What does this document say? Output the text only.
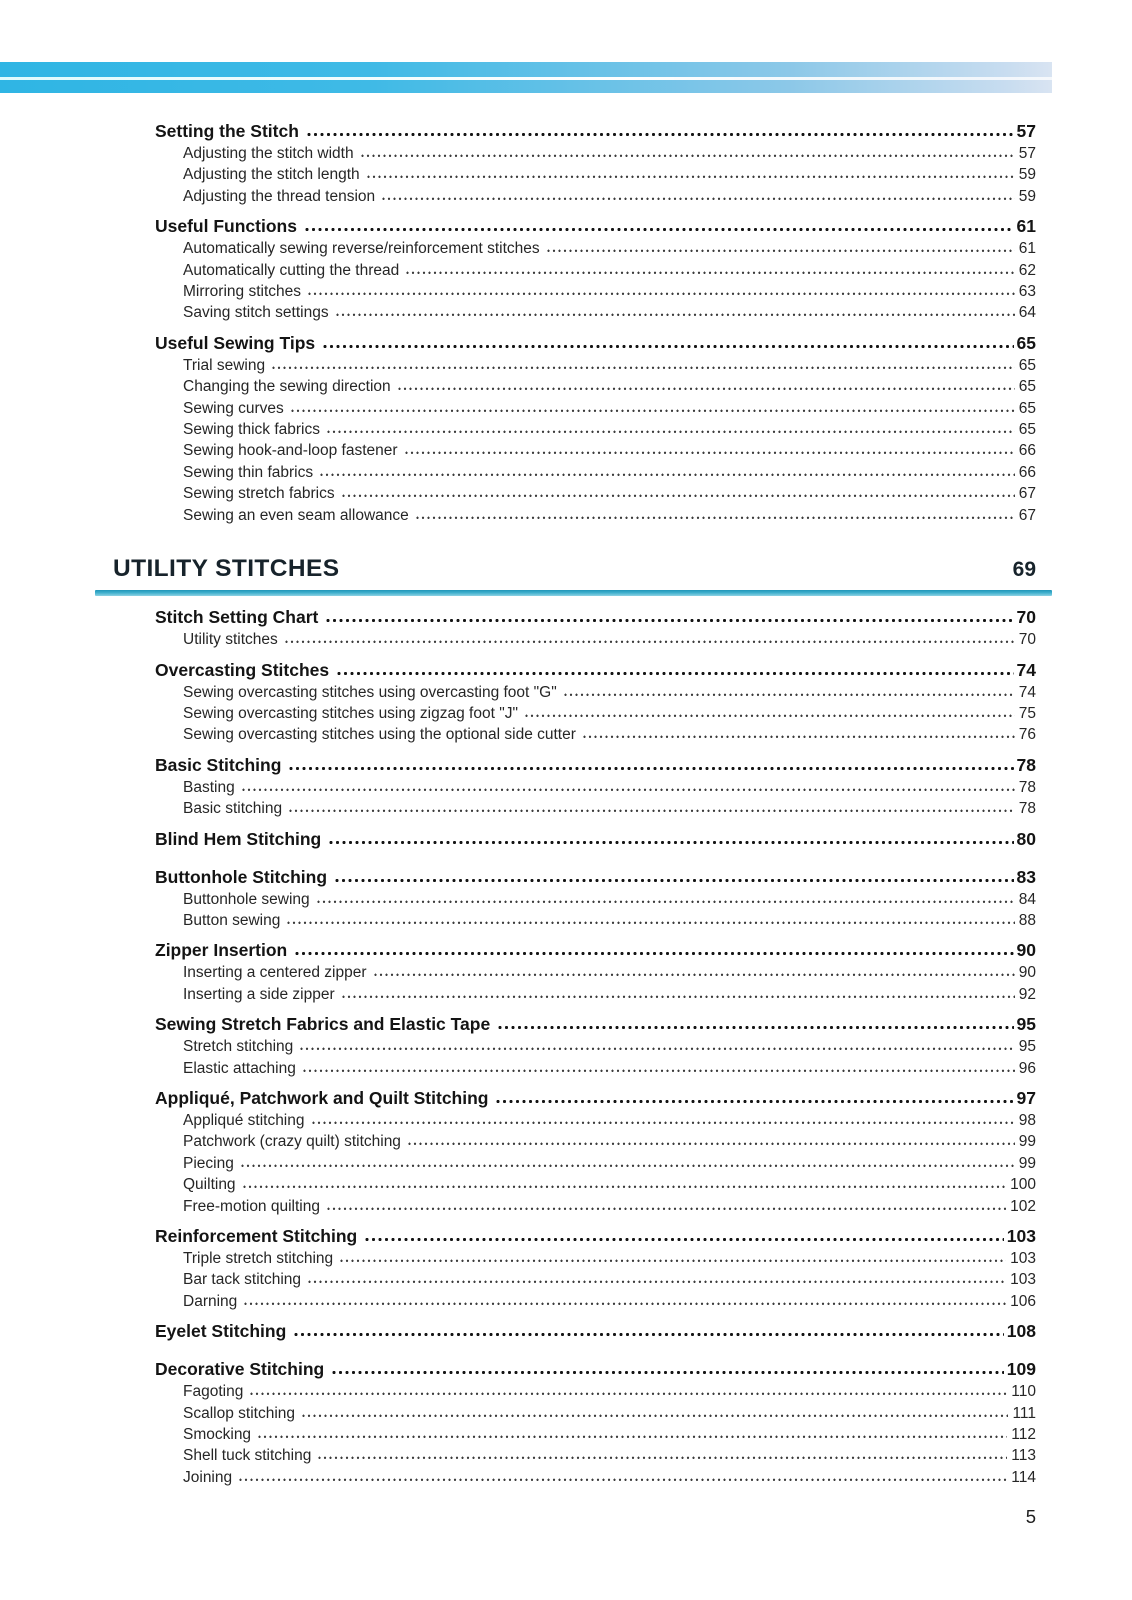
Setting the Stitch	57
Adjusting the stitch width	57
Adjusting the stitch length	59
Adjusting the thread tension	59
Useful Functions	61
Automatically sewing reverse/reinforcement stitches	61
Automatically cutting the thread	62
Mirroring stitches	63
Saving stitch settings	64
Useful Sewing Tips	65
Trial sewing	65
Changing the sewing direction	65
Sewing curves	65
Sewing thick fabrics	65
Sewing hook-and-loop fastener	66
Sewing thin fabrics	66
Sewing stretch fabrics	67
Sewing an even seam allowance	67
UTILITY STITCHES	69
Stitch Setting Chart	70
Utility stitches	70
Overcasting Stitches	74
Sewing overcasting stitches using overcasting foot "G"	74
Sewing overcasting stitches using zigzag foot "J"	75
Sewing overcasting stitches using the optional side cutter	76
Basic Stitching	78
Basting	78
Basic stitching	78
Blind Hem Stitching	80
Buttonhole Stitching	83
Buttonhole sewing	84
Button sewing	88
Zipper Insertion	90
Inserting a centered zipper	90
Inserting a side zipper	92
Sewing Stretch Fabrics and Elastic Tape	95
Stretch stitching	95
Elastic attaching	96
Appliqué, Patchwork and Quilt Stitching	97
Appliqué stitching	98
Patchwork (crazy quilt) stitching	99
Piecing	99
Quilting	100
Free-motion quilting	102
Reinforcement Stitching	103
Triple stretch stitching	103
Bar tack stitching	103
Darning	106
Eyelet Stitching	108
Decorative Stitching	109
Fagoting	110
Scallop stitching	111
Smocking	112
Shell tuck stitching	113
Joining	114
5
